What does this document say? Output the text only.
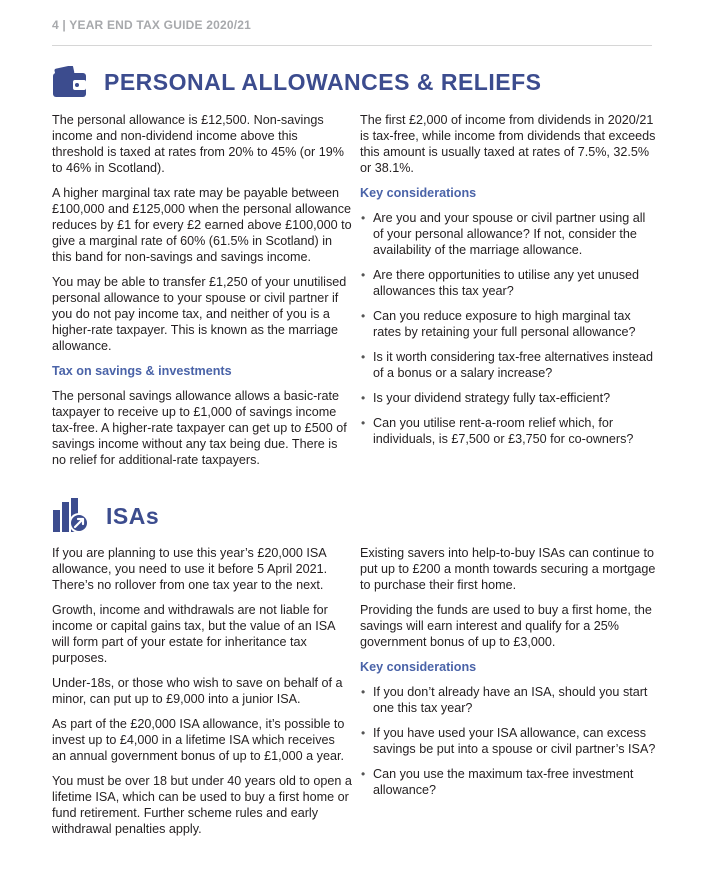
4 | YEAR END TAX GUIDE 2020/21
PERSONAL ALLOWANCES & RELIEFS

The personal allowance is £12,500. Non-savings income and non-dividend income above this threshold is taxed at rates from 20% to 45% (or 19% to 46% in Scotland).

A higher marginal tax rate may be payable between £100,000 and £125,000 when the personal allowance reduces by £1 for every £2 earned above £100,000 to give a marginal rate of 60% (61.5% in Scotland) in this band for non-savings and savings income.

You may be able to transfer £1,250 of your unutilised personal allowance to your spouse or civil partner if you do not pay income tax, and neither of you is a higher-rate taxpayer. This is known as the marriage allowance.

Tax on savings & investments

The personal savings allowance allows a basic-rate taxpayer to receive up to £1,000 of savings income tax-free. A higher-rate taxpayer can get up to £500 of savings income without any tax being due. There is no relief for additional-rate taxpayers.

The first £2,000 of income from dividends in 2020/21 is tax-free, while income from dividends that exceeds this amount is usually taxed at rates of 7.5%, 32.5% or 38.1%.

Key considerations
• Are you and your spouse or civil partner using all of your personal allowance? If not, consider the availability of the marriage allowance.
• Are there opportunities to utilise any yet unused allowances this tax year?
• Can you reduce exposure to high marginal tax rates by retaining your full personal allowance?
• Is it worth considering tax-free alternatives instead of a bonus or a salary increase?
• Is your dividend strategy fully tax-efficient?
• Can you utilise rent-a-room relief which, for individuals, is £7,500 or £3,750 for co-owners?
ISAs

If you are planning to use this year’s £20,000 ISA allowance, you need to use it before 5 April 2021. There’s no rollover from one tax year to the next.

Growth, income and withdrawals are not liable for income or capital gains tax, but the value of an ISA will form part of your estate for inheritance tax purposes.

Under-18s, or those who wish to save on behalf of a minor, can put up to £9,000 into a junior ISA.

As part of the £20,000 ISA allowance, it’s possible to invest up to £4,000 in a lifetime ISA which receives an annual government bonus of up to £1,000 a year.

You must be over 18 but under 40 years old to open a lifetime ISA, which can be used to buy a first home or fund retirement. Further scheme rules and early withdrawal penalties apply.

Existing savers into help-to-buy ISAs can continue to put up to £200 a month towards securing a mortgage to purchase their first home.

Providing the funds are used to buy a first home, the savings will earn interest and qualify for a 25% government bonus of up to £3,000.

Key considerations
• If you don’t already have an ISA, should you start one this tax year?
• If you have used your ISA allowance, can excess savings be put into a spouse or civil partner’s ISA?
• Can you use the maximum tax-free investment allowance?
